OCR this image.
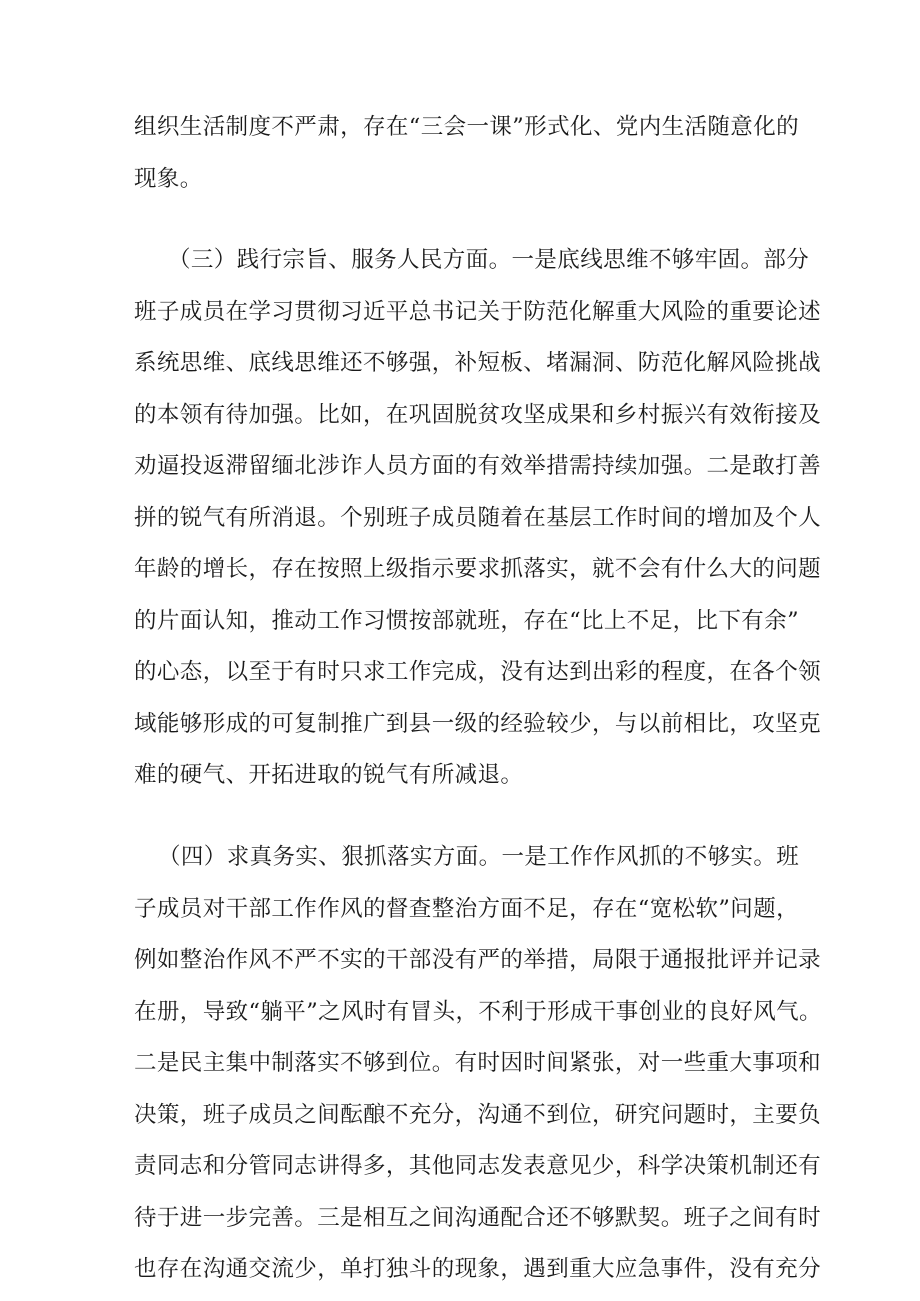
组织生活制度不严肃，存在“三会一课”形式化、党内生活随意化的
现象。
（三）践行宗旨、服务人民方面。一是底线思维不够牢固。部分
班子成员在学习贯彻习近平总书记关于防范化解重大风险的重要论述
系统思维、底线思维还不够强，补短板、堵漏洞、防范化解风险挑战
的本领有待加强。比如，在巩固脱贫攻坚成果和乡村振兴有效衔接及
劝逼投返滞留缅北涉诈人员方面的有效举措需持续加强。二是敢打善
拼的锐气有所消退。个别班子成员随着在基层工作时间的增加及个人
年龄的增长，存在按照上级指示要求抓落实，就不会有什么大的问题
的片面认知，推动工作习惯按部就班，存在“比上不足，比下有余”
的心态，以至于有时只求工作完成，没有达到出彩的程度，在各个领
域能够形成的可复制推广到县一级的经验较少，与以前相比，攻坚克
难的硬气、开拓进取的锐气有所减退。
（四）求真务实、狠抓落实方面。一是工作作风抓的不够实。班
子成员对干部工作作风的督查整治方面不足，存在“宽松软”问题，
例如整治作风不严不实的干部没有严的举措，局限于通报批评并记录
在册，导致“躺平”之风时有冒头，不利于形成干事创业的良好风气。
二是民主集中制落实不够到位。有时因时间紧张，对一些重大事项和
决策，班子成员之间酝酿不充分，沟通不到位，研究问题时，主要负
责同志和分管同志讲得多，其他同志发表意见少，科学决策机制还有
待于进一步完善。三是相互之间沟通配合还不够默契。班子之间有时
也存在沟通交流少，单打独斗的现象，遇到重大应急事件，没有充分
